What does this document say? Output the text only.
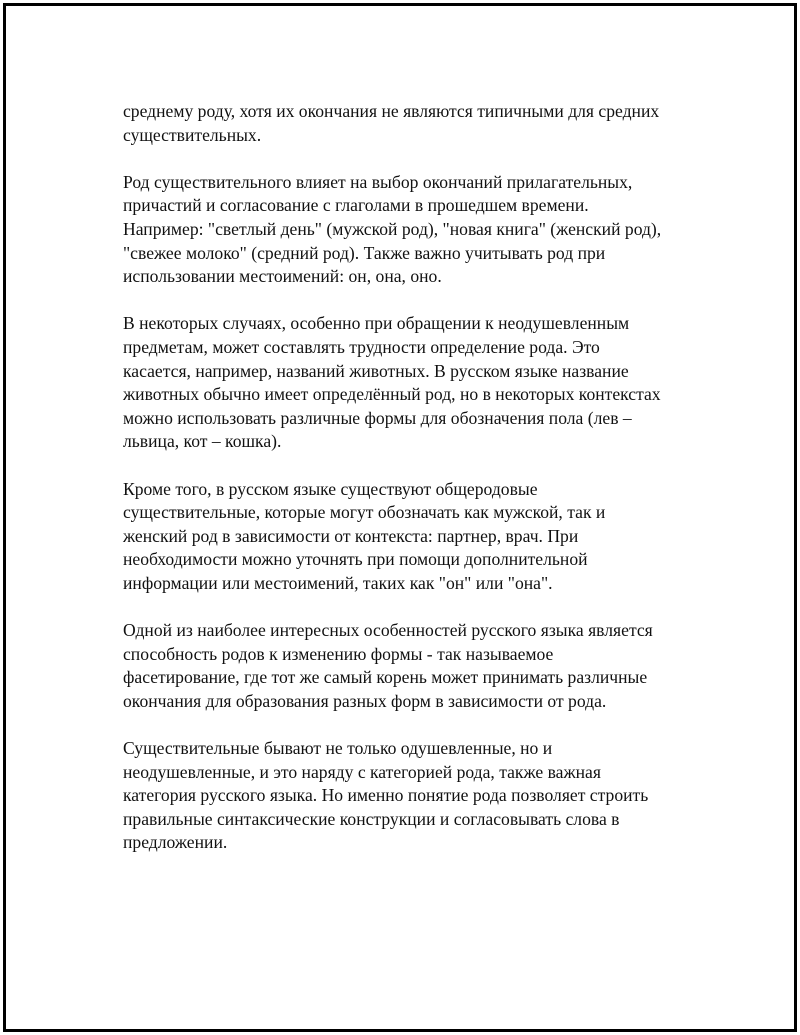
среднему роду, хотя их окончания не являются типичными для средних
существительных.

Род существительного влияет на выбор окончаний прилагательных,
причастий и согласование с глаголами в прошедшем времени.
Например: "светлый день" (мужской род), "новая книга" (женский род),
"свежее молоко" (средний род). Также важно учитывать род при
использовании местоимений: он, она, оно.

В некоторых случаях, особенно при обращении к неодушевленным
предметам, может составлять трудности определение рода. Это
касается, например, названий животных. В русском языке название
животных обычно имеет определённый род, но в некоторых контекстах
можно использовать различные формы для обозначения пола (лев –
львица, кот – кошка).

Кроме того, в русском языке существуют общеродовые
существительные, которые могут обозначать как мужской, так и
женский род в зависимости от контекста: партнер, врач. При
необходимости можно уточнять при помощи дополнительной
информации или местоимений, таких как "он" или "она".

Одной из наиболее интересных особенностей русского языка является
способность родов к изменению формы - так называемое
фасетирование, где тот же самый корень может принимать различные
окончания для образования разных форм в зависимости от рода.

Существительные бывают не только одушевленные, но и
неодушевленные, и это наряду с категорией рода, также важная
категория русского языка. Но именно понятие рода позволяет строить
правильные синтаксические конструкции и согласовывать слова в
предложении.
